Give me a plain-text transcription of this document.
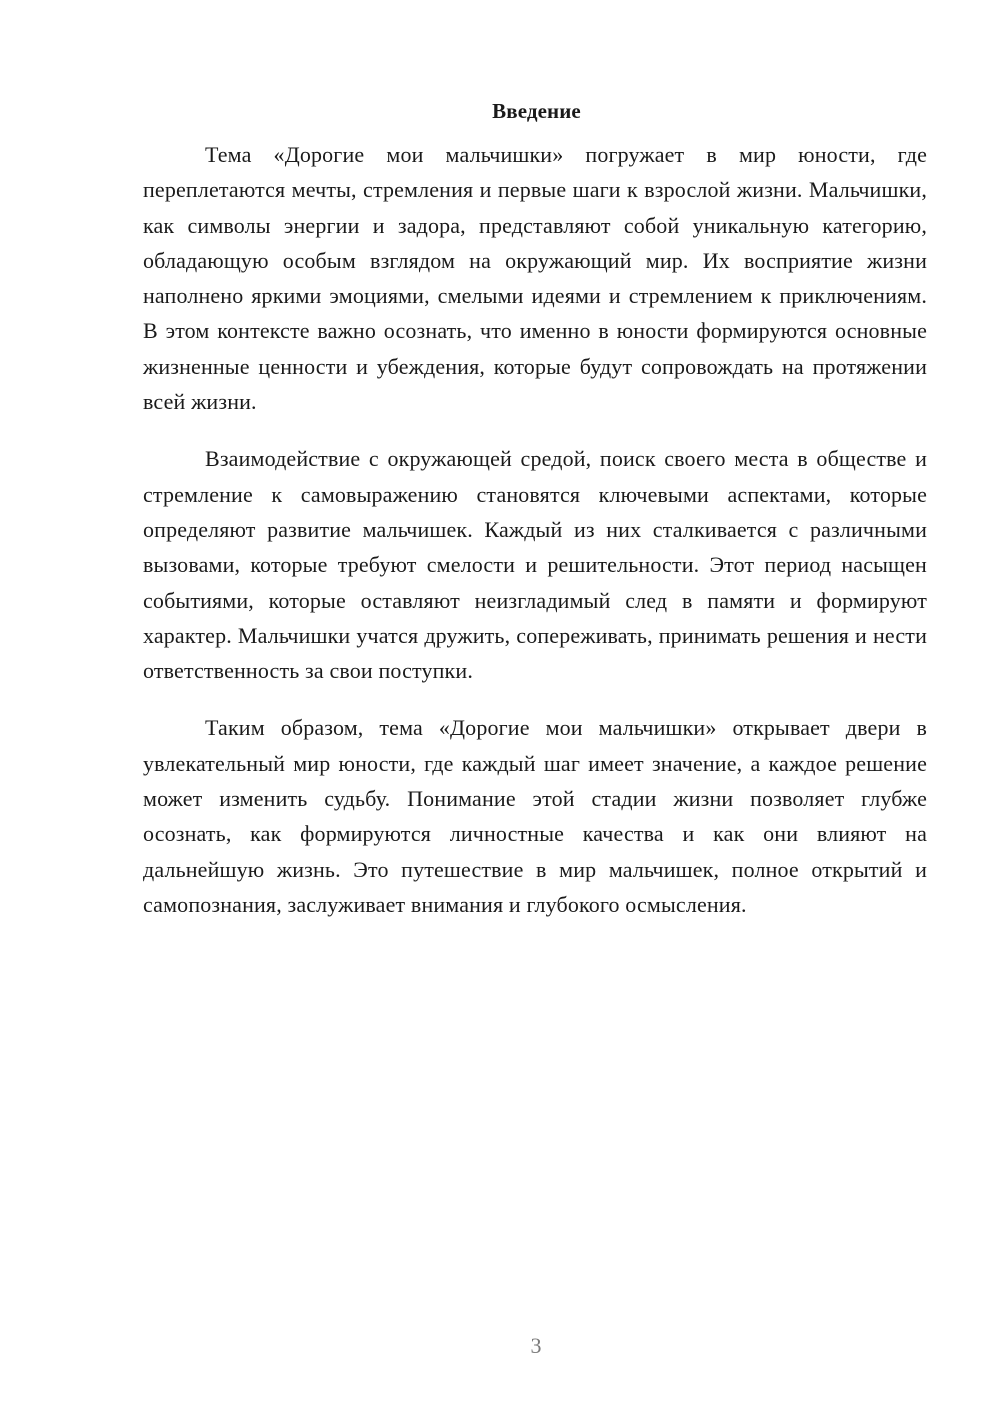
Введение

Тема «Дорогие мои мальчишки» погружает в мир юности, где переплетаются мечты, стремления и первые шаги к взрослой жизни. Мальчишки, как символы энергии и задора, представляют собой уникальную категорию, обладающую особым взглядом на окружающий мир. Их восприятие жизни наполнено яркими эмоциями, смелыми идеями и стремлением к приключениям. В этом контексте важно осознать, что именно в юности формируются основные жизненные ценности и убеждения, которые будут сопровождать на протяжении всей жизни.

Взаимодействие с окружающей средой, поиск своего места в обществе и стремление к самовыражению становятся ключевыми аспектами, которые определяют развитие мальчишек. Каждый из них сталкивается с различными вызовами, которые требуют смелости и решительности. Этот период насыщен событиями, которые оставляют неизгладимый след в памяти и формируют характер. Мальчишки учатся дружить, сопереживать, принимать решения и нести ответственность за свои поступки.

Таким образом, тема «Дорогие мои мальчишки» открывает двери в увлекательный мир юности, где каждый шаг имеет значение, а каждое решение может изменить судьбу. Понимание этой стадии жизни позволяет глубже осознать, как формируются личностные качества и как они влияют на дальнейшую жизнь. Это путешествие в мир мальчишек, полное открытий и самопознания, заслуживает внимания и глубокого осмысления.

3
